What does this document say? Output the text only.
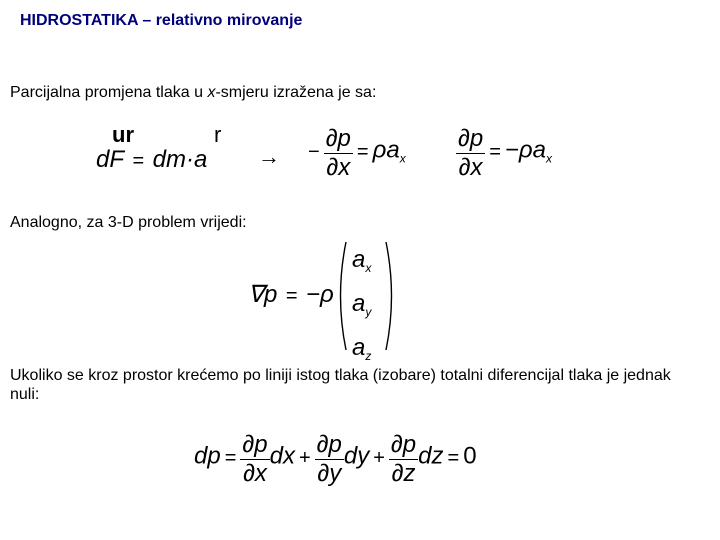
HIDROSTATIKA – relativno mirovanje
Parcijalna promjena tlaka u x-smjeru izražena je sa:
ur	r
dF = dm·a → − $\frac{\partial p}{\partial x} = \rho a_x \frac{\partial p}{\partial x} = -\rho a_x$
Analogno, za 3-D problem vrijedi:
∇p = −ρ
$a_x$
$a_y$
$a_z$
Ukoliko se kroz prostor krećemo po liniji istog tlaka (izobare) totalni diferencijal tlaka je jednak nuli:
dp = $\frac{\partial p}{\partial x}$ dx + $\frac{\partial p}{\partial y}$ dy + $\frac{\partial p}{\partial z}$ dz = 0
